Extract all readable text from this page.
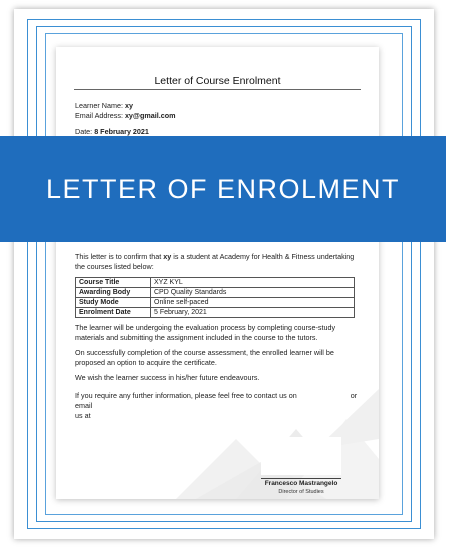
Letter of Course Enrolment
Learner Name: xy
Email Address: xy@gmail.com
Date: 8 February 2021
This letter is to confirm that xy is a student at Academy for Health & Fitness undertaking the courses listed below:
Course Title	XYZ KYL
Awarding Body	CPD Quality Standards
Study Mode	Online self-paced
Enrolment Date	5 February, 2021
The learner will be undergoing the evaluation process by completing course-study materials and submitting the assignment included in the course to the tutors.
On successfully completion of the course assessment, the enrolled learner will be proposed an option to acquire the certificate.
We wish the learner success in his/her future endeavours.
If you require any further information, please feel free to contact us on	or email
us at
Francesco Mastrangelo
Director of Studies
LETTER OF ENROLMENT
